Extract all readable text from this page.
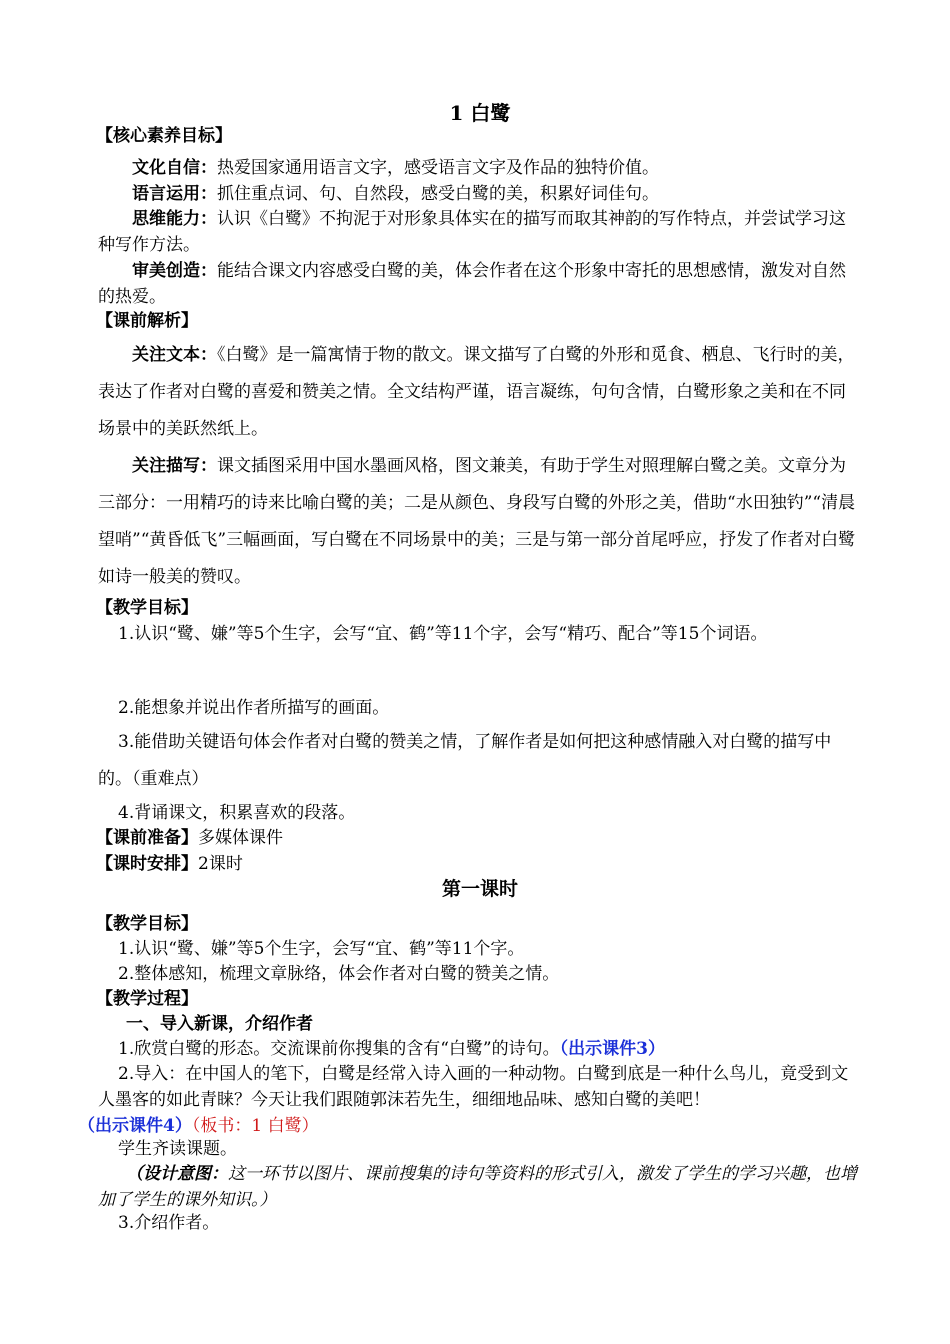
1 白鹭
【核心素养目标】
文化自信：热爱国家通用语言文字，感受语言文字及作品的独特价值。
语言运用：抓住重点词、句、自然段，感受白鹭的美，积累好词佳句。
思维能力：认识《白鹭》不拘泥于对形象具体实在的描写而取其神韵的写作特点，并尝试学习这种写作方法。
审美创造：能结合课文内容感受白鹭的美，体会作者在这个形象中寄托的思想感情，激发对自然的热爱。
【课前解析】
关注文本：《白鹭》是一篇寓情于物的散文。课文描写了白鹭的外形和觅食、栖息、飞行时的美，表达了作者对白鹭的喜爱和赞美之情。全文结构严谨，语言凝练，句句含情，白鹭形象之美和在不同场景中的美跃然纸上。
关注描写：课文插图采用中国水墨画风格，图文兼美，有助于学生对照理解白鹭之美。文章分为三部分：一用精巧的诗来比喻白鹭的美；二是从颜色、身段写白鹭的外形之美，借助“水田独钓”“清晨望哨”“黄昏低飞”三幅画面，写白鹭在不同场景中的美；三是与第一部分首尾呼应，抒发了作者对白鹭如诗一般美的赞叹。
【教学目标】
1.认识“鹭、嫌”等5个生字，会写“宜、鹤”等11个字，会写“精巧、配合”等15个词语。
2.能想象并说出作者所描写的画面。
3.能借助关键语句体会作者对白鹭的赞美之情，了解作者是如何把这种感情融入对白鹭的描写中的。（重难点）
4.背诵课文，积累喜欢的段落。
【课前准备】多媒体课件
【课时安排】2课时
第一课时
【教学目标】
1.认识“鹭、嫌”等5个生字，会写“宜、鹤”等11个字。
2.整体感知，梳理文章脉络，体会作者对白鹭的赞美之情。
【教学过程】
一、导入新课，介绍作者
1.欣赏白鹭的形态。交流课前你搜集的含有“白鹭”的诗句。（出示课件3）
2.导入：在中国人的笔下，白鹭是经常入诗入画的一种动物。白鹭到底是一种什么鸟儿，竟受到文人墨客的如此青睐？今天让我们跟随郭沫若先生，细细地品味、感知白鹭的美吧！
（出示课件4）（板书：1 白鹭）
学生齐读课题。
（设计意图：这一环节以图片、课前搜集的诗句等资料的形式引入，激发了学生的学习兴趣，也增加了学生的课外知识。）
3.介绍作者。
